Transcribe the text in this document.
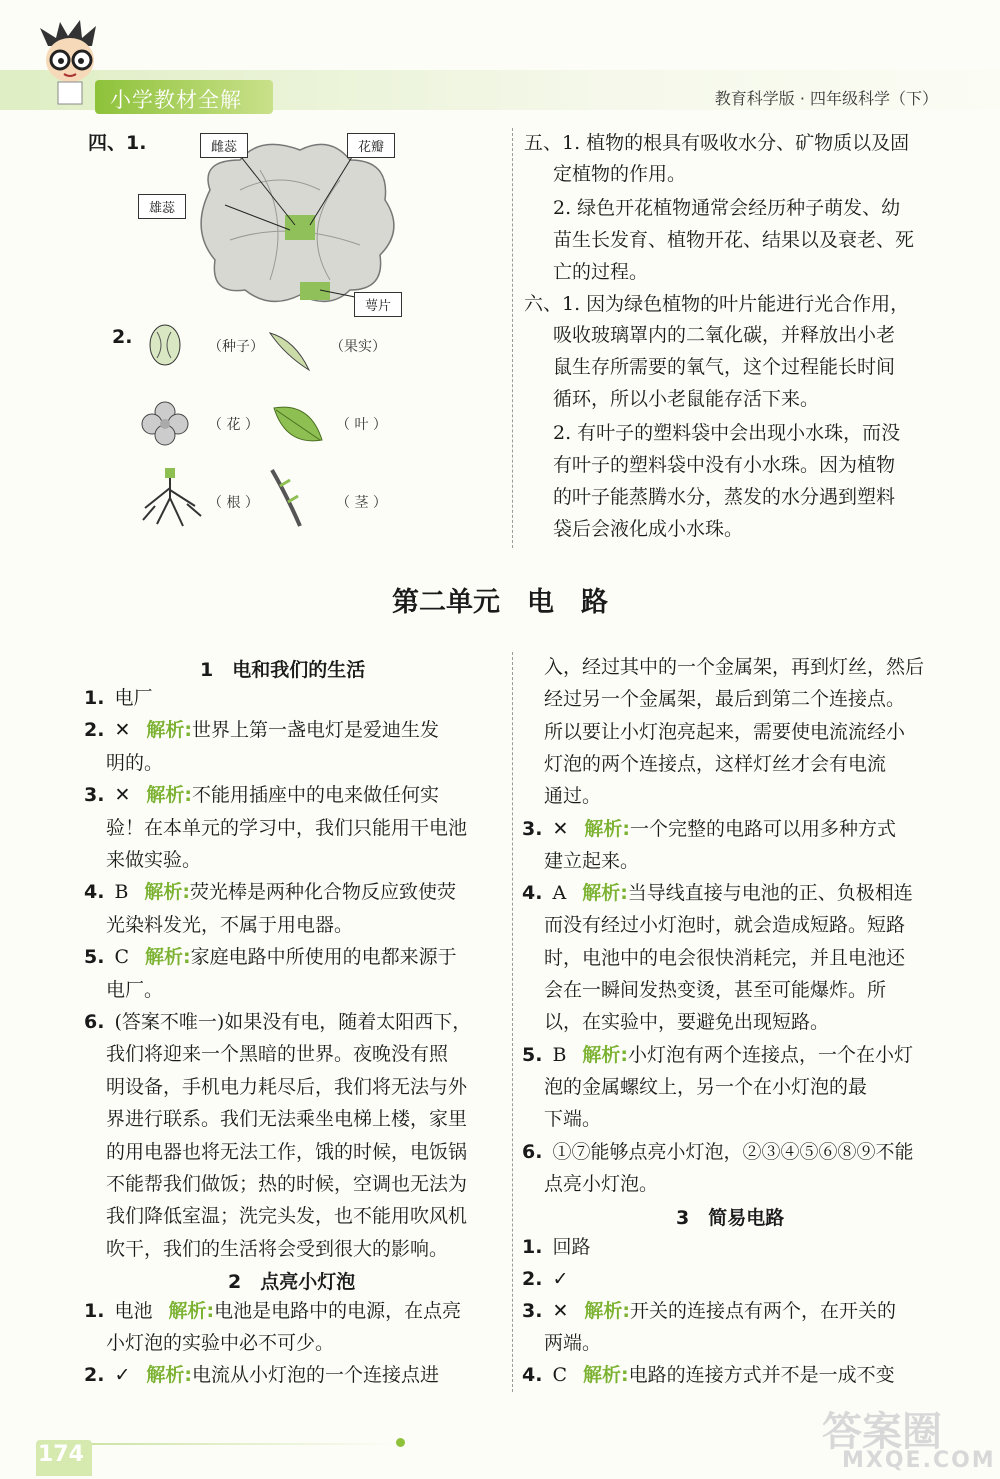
小学教材全解	教育科学版 · 四年级科学（下）
四、1.	雌蕊	花瓣
雄蕊
萼片
2.	（种子）	（果实）
（ 花 ）	（ 叶 ）
（ 根 ）	（ 茎 ）
五、1. 植物的根具有吸收水分、矿物质以及固
定植物的作用。
2. 绿色开花植物通常会经历种子萌发、幼
苗生长发育、植物开花、结果以及衰老、死
亡的过程。
六、1. 因为绿色植物的叶片能进行光合作用，
吸收玻璃罩内的二氧化碳，并释放出小老
鼠生存所需要的氧气，这个过程能长时间
循环，所以小老鼠能存活下来。
2. 有叶子的塑料袋中会出现小水珠，而没
有叶子的塑料袋中没有小水珠。因为植物
的叶子能蒸腾水分，蒸发的水分遇到塑料
袋后会液化成小水珠。
第二单元　电　路
1　电和我们的生活
2　点亮小灯泡
3　简易电路
1. 电厂
2. ✕ 解析:世界上第一盏电灯是爱迪生发
明的。
3. ✕ 解析:不能用插座中的电来做任何实
验！在本单元的学习中，我们只能用干电池
来做实验。
4. B 解析:荧光棒是两种化合物反应致使荧
光染料发光，不属于用电器。
5. C 解析:家庭电路中所使用的电都来源于
电厂。
6. (答案不唯一)如果没有电，随着太阳西下，
我们将迎来一个黑暗的世界。夜晚没有照
明设备，手机电力耗尽后，我们将无法与外
界进行联系。我们无法乘坐电梯上楼，家里
的用电器也将无法工作，饿的时候，电饭锅
不能帮我们做饭；热的时候，空调也无法为
我们降低室温；洗完头发，也不能用吹风机
吹干，我们的生活将会受到很大的影响。
1. 电池 解析:电池是电路中的电源，在点亮
小灯泡的实验中必不可少。
2. ✓ 解析:电流从小灯泡的一个连接点进
入，经过其中的一个金属架，再到灯丝，然后
经过另一个金属架，最后到第二个连接点。
所以要让小灯泡亮起来，需要使电流流经小
灯泡的两个连接点，这样灯丝才会有电流
通过。
3. ✕ 解析:一个完整的电路可以用多种方式
建立起来。
4. A 解析:当导线直接与电池的正、负极相连
而没有经过小灯泡时，就会造成短路。短路
时，电池中的电会很快消耗完，并且电池还
会在一瞬间发热变烫，甚至可能爆炸。所
以，在实验中，要避免出现短路。
5. B 解析:小灯泡有两个连接点，一个在小灯
泡的金属螺纹上，另一个在小灯泡的最
下端。
6. ①⑦能够点亮小灯泡，②③④⑤⑥⑧⑨不能
点亮小灯泡。
1. 回路
2. ✓
3. ✕ 解析:开关的连接点有两个，在开关的
两端。
4. C 解析:电路的连接方式并不是一成不变
174	答案圈
MXQE.COM
